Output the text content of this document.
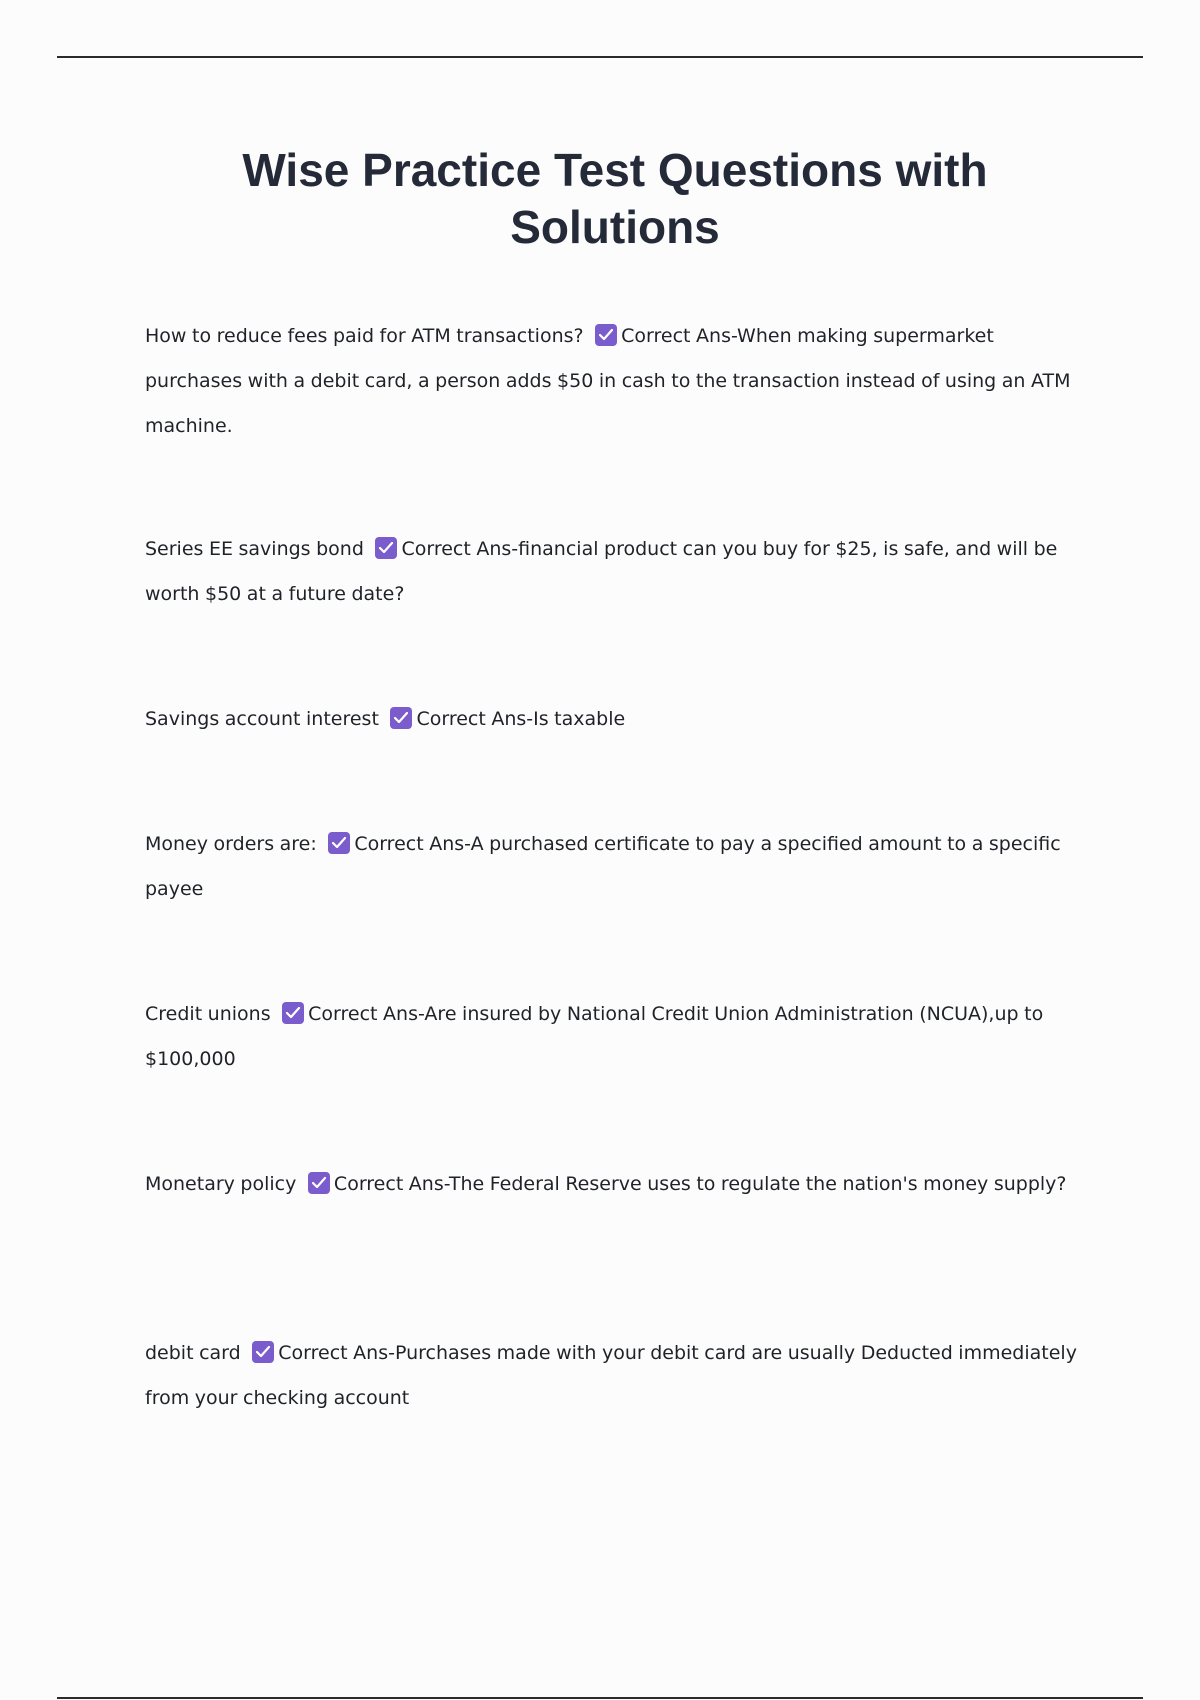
Wise Practice Test Questions with Solutions

How to reduce fees paid for ATM transactions? Correct Ans-When making supermarket purchases with a debit card, a person adds $50 in cash to the transaction instead of using an ATM machine.

Series EE savings bond Correct Ans-financial product can you buy for $25, is safe, and will be worth $50 at a future date?

Savings account interest Correct Ans-Is taxable

Money orders are: Correct Ans-A purchased certificate to pay a specified amount to a specific payee

Credit unions Correct Ans-Are insured by National Credit Union Administration (NCUA),up to $100,000

Monetary policy Correct Ans-The Federal Reserve uses to regulate the nation's money supply?

debit card Correct Ans-Purchases made with your debit card are usually Deducted immediately from your checking account
